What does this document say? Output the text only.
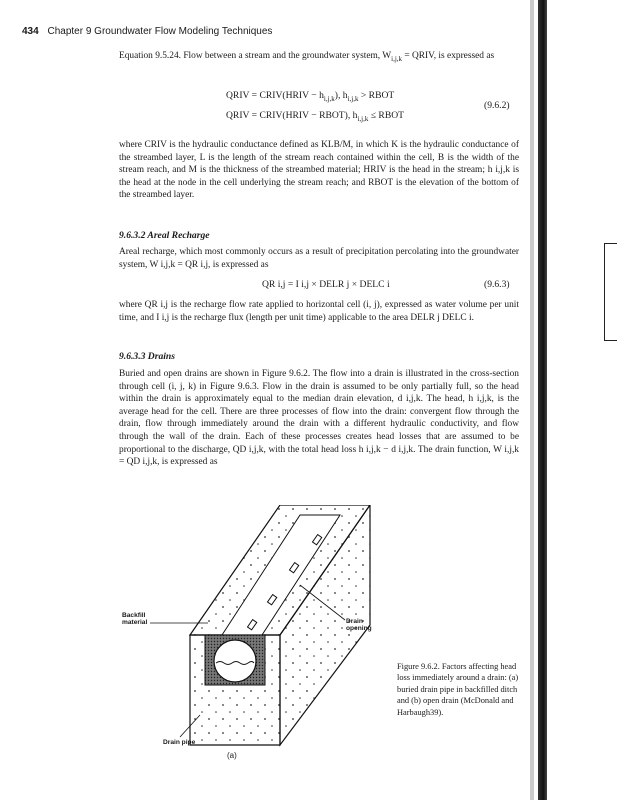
434 Chapter 9 Groundwater Flow Modeling Techniques
Equation 9.5.24. Flow between a stream and the groundwater system, $W_{i,j,k}$ = QRIV, is expressed as
QRIV = CRIV(HRIV − $h_{i,j,k}$), $h_{i,j,k}$ > RBOT
QRIV = CRIV(HRIV − RBOT), $h_{i,j,k}$ ≤ RBOT
(9.6.2)
where CRIV is the hydraulic conductance defined as KLB/M, in which K is the hydraulic conductance of the streambed layer, L is the length of the stream reach contained within the cell, B is the width of the stream reach, and M is the thickness of the streambed material; HRIV is the head in the stream; h i,j,k is the head at the node in the cell underlying the stream reach; and RBOT is the elevation of the bottom of the streambed layer.
9.6.3.2 Areal Recharge
Areal recharge, which most commonly occurs as a result of precipitation percolating into the groundwater system, W i,j,k = QR i,j, is expressed as
QR i,j = I i,j × DELR j × DELC i	(9.6.3)
where QR i,j is the recharge flow rate applied to horizontal cell (i, j), expressed as water volume per unit time, and I i,j is the recharge flux (length per unit time) applicable to the area DELR j DELC i.
9.6.3.3 Drains
Buried and open drains are shown in Figure 9.6.2. The flow into a drain is illustrated in the cross-section through cell (i, j, k) in Figure 9.6.3. Flow in the drain is assumed to be only partially full, so the head within the drain is approximately equal to the median drain elevation, d i,j,k. The head, h i,j,k, is the average head for the cell. There are three processes of flow into the drain: convergent flow through the drain, flow through immediately around the drain with a different hydraulic conductivity, and flow through the wall of the drain. Each of these processes creates head losses that are assumed to be proportional to the discharge, QD i,j,k, with the total head loss h i,j,k − d i,j,k. The drain function, W i,j,k = QD i,j,k, is expressed as
Backfill material	Drain opening
Drain pipe
(a)
Figure 9.6.2. Factors affecting head loss immediately around a drain: (a) buried drain pipe in backfilled ditch and (b) open drain (McDonald and Harbaugh39).
